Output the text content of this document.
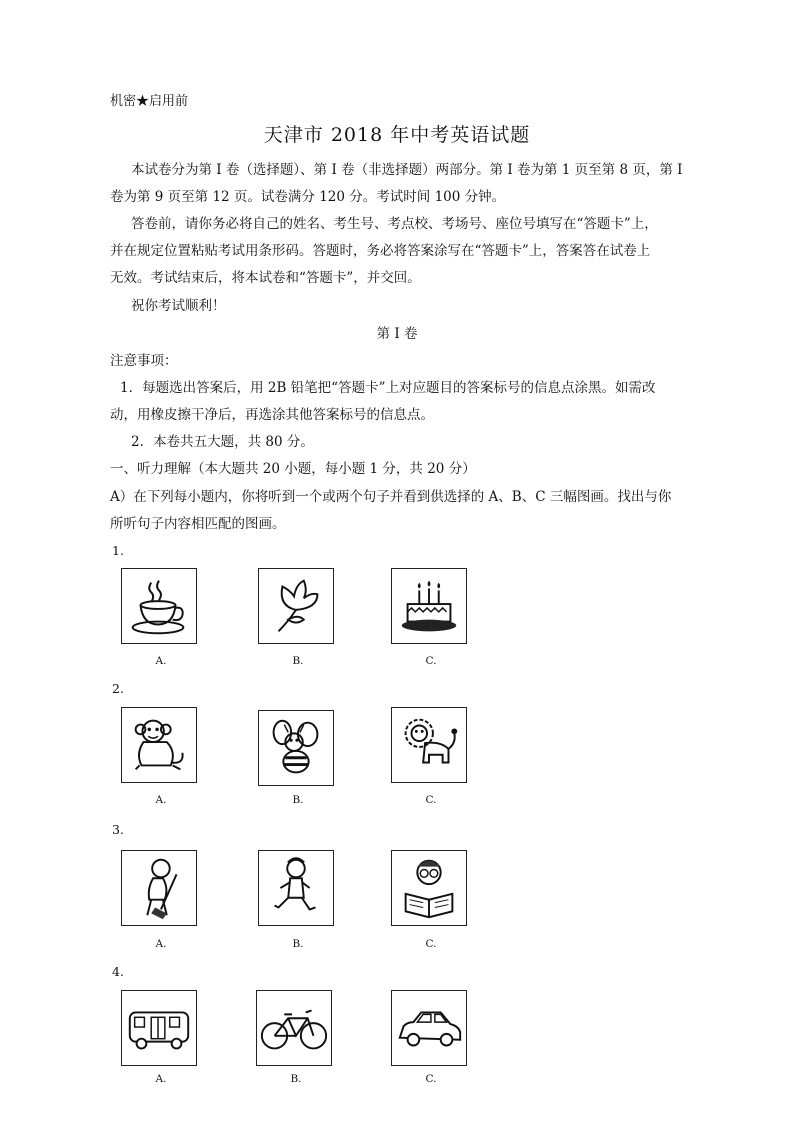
机密★启用前
天津市 2018 年中考英语试题
本试卷分为第 I 卷（选择题）、第 I 卷（非选择题）两部分。第 I 卷为第 1 页至第 8 页，第 I
卷为第 9 页至第 12 页。试卷满分 120 分。考试时间 100 分钟。
答卷前，请你务必将自己的姓名、考生号、考点校、考场号、座位号填写在“答题卡”上，
并在规定位置粘贴考试用条形码。答题时，务必将答案涂写在“答题卡”上，答案答在试卷上
无效。考试结束后，将本试卷和“答题卡”，并交回。
祝你考试顺利！
第 I 卷
注意事项：
1．每题选出答案后，用 2B 铅笔把“答题卡”上对应题目的答案标号的信息点涂黑。如需改
动，用橡皮擦干净后，再选涂其他答案标号的信息点。
2．本卷共五大题，共 80 分。
一、听力理解（本大题共 20 小题，每小题 1 分，共 20 分）
A）在下列每小题内，你将听到一个或两个句子并看到供选择的 A、B、C 三幅图画。找出与你
所听句子内容相匹配的图画。
1.
A.	B.	C.
2.
A.	B.	C.
3.
A.	B.	C.
4.
A.	B.	C.
